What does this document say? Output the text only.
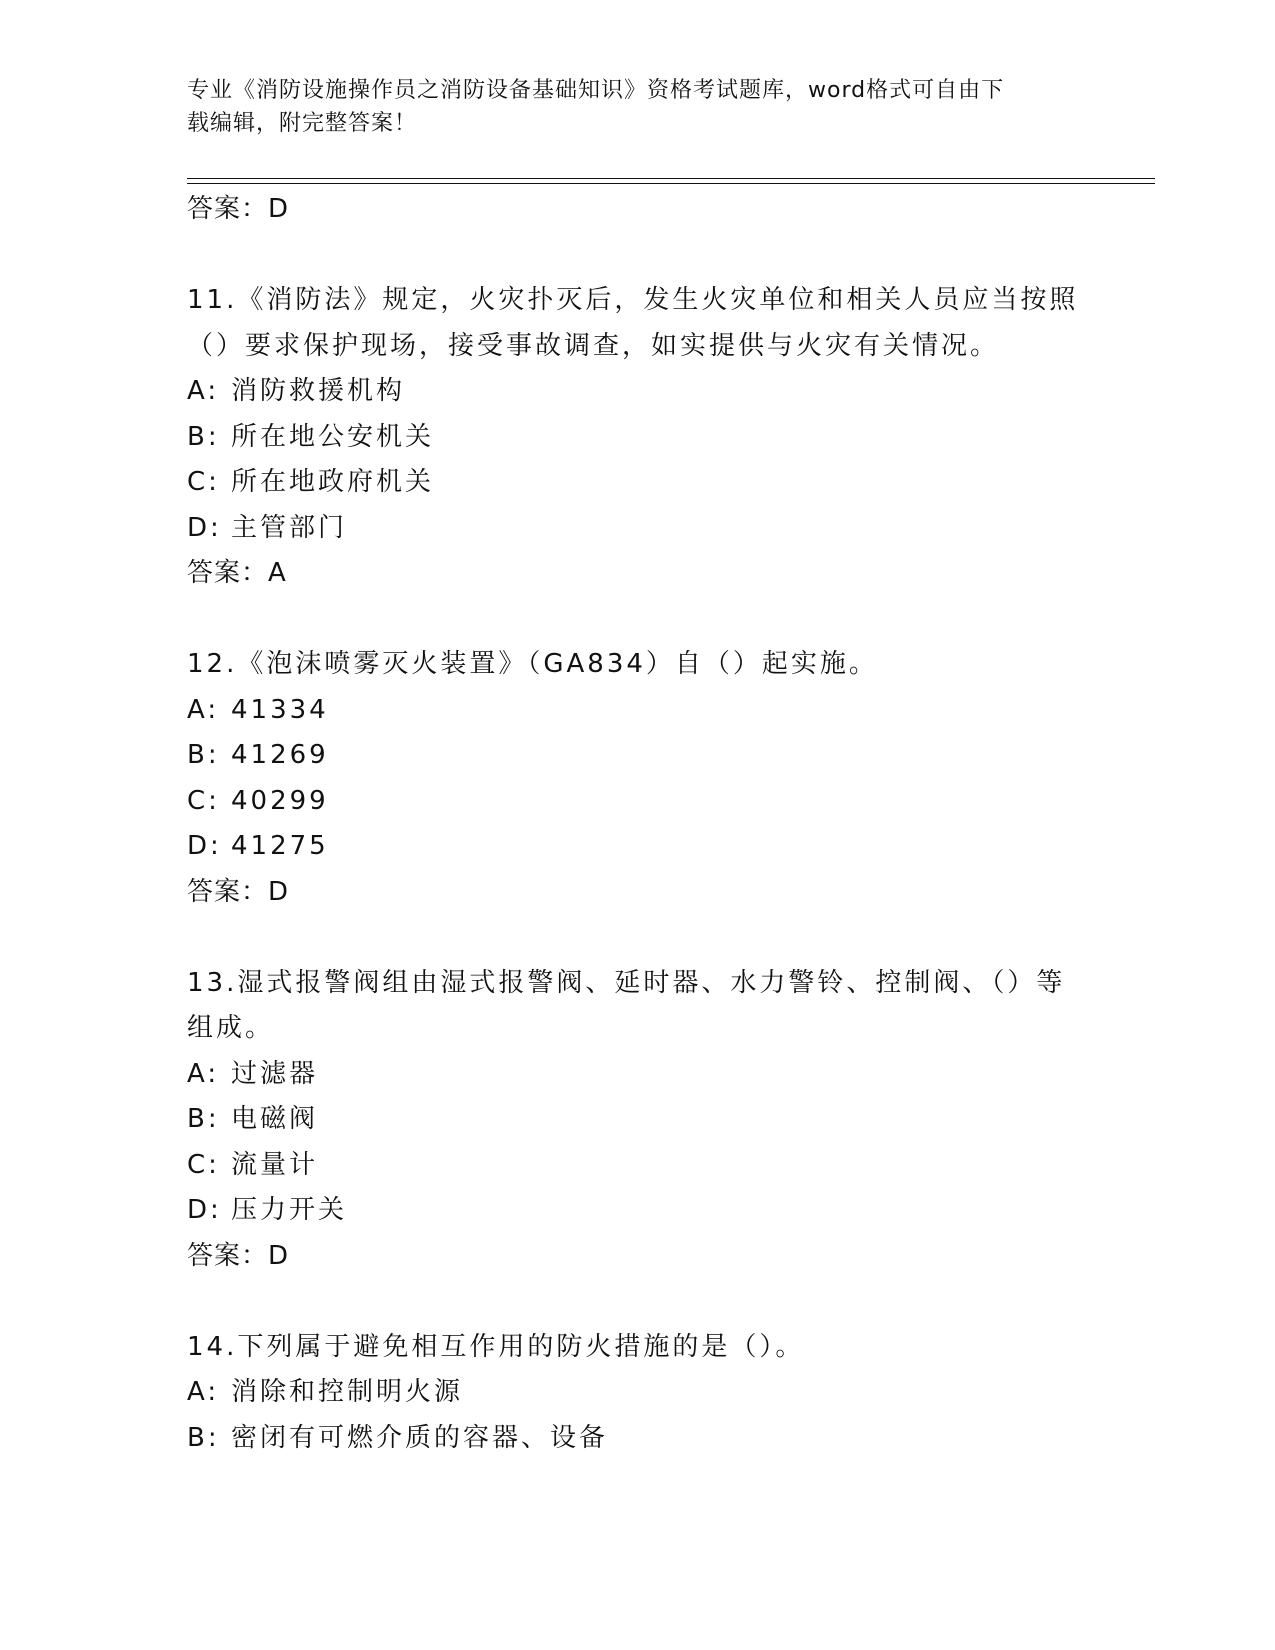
专业《消防设施操作员之消防设备基础知识》资格考试题库，word格式可自由下
载编辑，附完整答案！
答案：D
11.《消防法》规定，火灾扑灭后，发生火灾单位和相关人员应当按照
（）要求保护现场，接受事故调查，如实提供与火灾有关情况。
A: 消防救援机构
B: 所在地公安机关
C: 所在地政府机关
D: 主管部门
答案：A
12.《泡沫喷雾灭火装置》（GA834）自（）起实施。
A: 41334
B: 41269
C: 40299
D: 41275
答案：D
13.湿式报警阀组由湿式报警阀、延时器、水力警铃、控制阀、（）等
组成。
A: 过滤器
B: 电磁阀
C: 流量计
D: 压力开关
答案：D
14.下列属于避免相互作用的防火措施的是（）。
A: 消除和控制明火源
B: 密闭有可燃介质的容器、设备
